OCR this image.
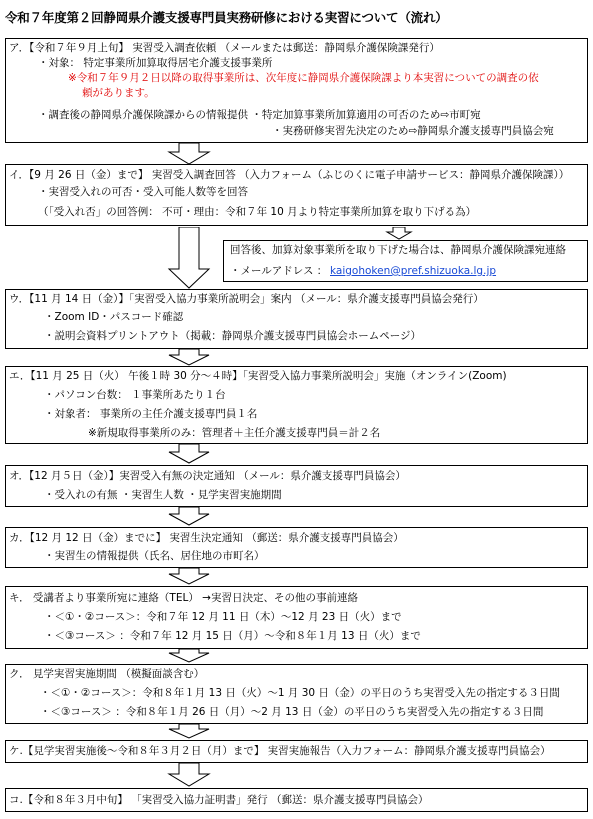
令和７年度第２回静岡県介護支援専門員実務研修における実習について（流れ）
ア．【令和７年９月上旬】 実習受入調査依頼 （メールまたは郵送：静岡県介護保険課発行）
・対象： 特定事業所加算取得居宅介護支援事業所
※令和７年９月２日以降の取得事業所は、次年度に静岡県介護保険課より本実習についての調査の依
頼があります。
・調査後の静岡県介護保険課からの情報提供 ・特定加算事業所加算適用の可否のため⇨市町宛
・実務研修実習先決定のため⇨静岡県介護支援専門員協会宛
イ．【9 月 26 日（金）まで】 実習受入調査回答 （入力フォーム（ふじのくに電子申請サービス：静岡県介護保険課））
・実習受入れの可否・受入可能人数等を回答
（「受入れ否」の回答例： 不可・理由：令和７年 10 月より特定事業所加算を取り下げる為）
回答後、加算対象事業所を取り下げた場合は、静岡県介護保険課宛連絡
・メールアドレス ： kaigohoken@pref.shizuoka.lg.jp
ウ．【11 月 14 日（金）】「実習受入協力事業所説明会」案内 （メール：県介護支援専門員協会発行）
・Zoom ID・パスコード確認
・説明会資料プリントアウト（掲載：静岡県介護支援専門員協会ホームページ）
エ．【11 月 25 日（火） 午後１時 30 分～４時】「実習受入協力事業所説明会」実施（オンライン(Zoom)
・パソコン台数： １事業所あたり１台
・対象者： 事業所の主任介護支援専門員１名
※新規取得事業所のみ：管理者＋主任介護支援専門員＝計２名
オ．【12 月５日（金）】実習受入有無の決定通知 （メール：県介護支援専門員協会）
・受入れの有無 ・実習生人数 ・見学実習実施期間
カ．【12 月 12 日（金）までに】 実習生決定通知 （郵送：県介護支援専門員協会）
・実習生の情報提供（氏名、居住地の市町名）
キ． 受講者より事業所宛に連絡（TEL） →実習日決定、その他の事前連絡
・＜①・②コース＞：令和７年 12 月 11 日（木）～12 月 23 日（火）まで
・＜③コース＞ ：令和７年 12 月 15 日（月）～令和８年１月 13 日（火）まで
ク． 見学実習実施期間 （模擬面談含む）
・＜①・②コース＞：令和８年１月 13 日（火）～1 月 30 日（金）の平日のうち実習受入先の指定する３日間
・＜③コース＞ ：令和８年１月 26 日（月）～2 月 13 日（金）の平日のうち実習受入先の指定する３日間
ケ.【見学実習実施後～令和８年３月２日（月）まで】 実習実施報告（入力フォーム：静岡県介護支援専門員協会）
コ.【令和８年３月中旬】 「実習受入協力証明書」発行 （郵送：県介護支援専門員協会）
